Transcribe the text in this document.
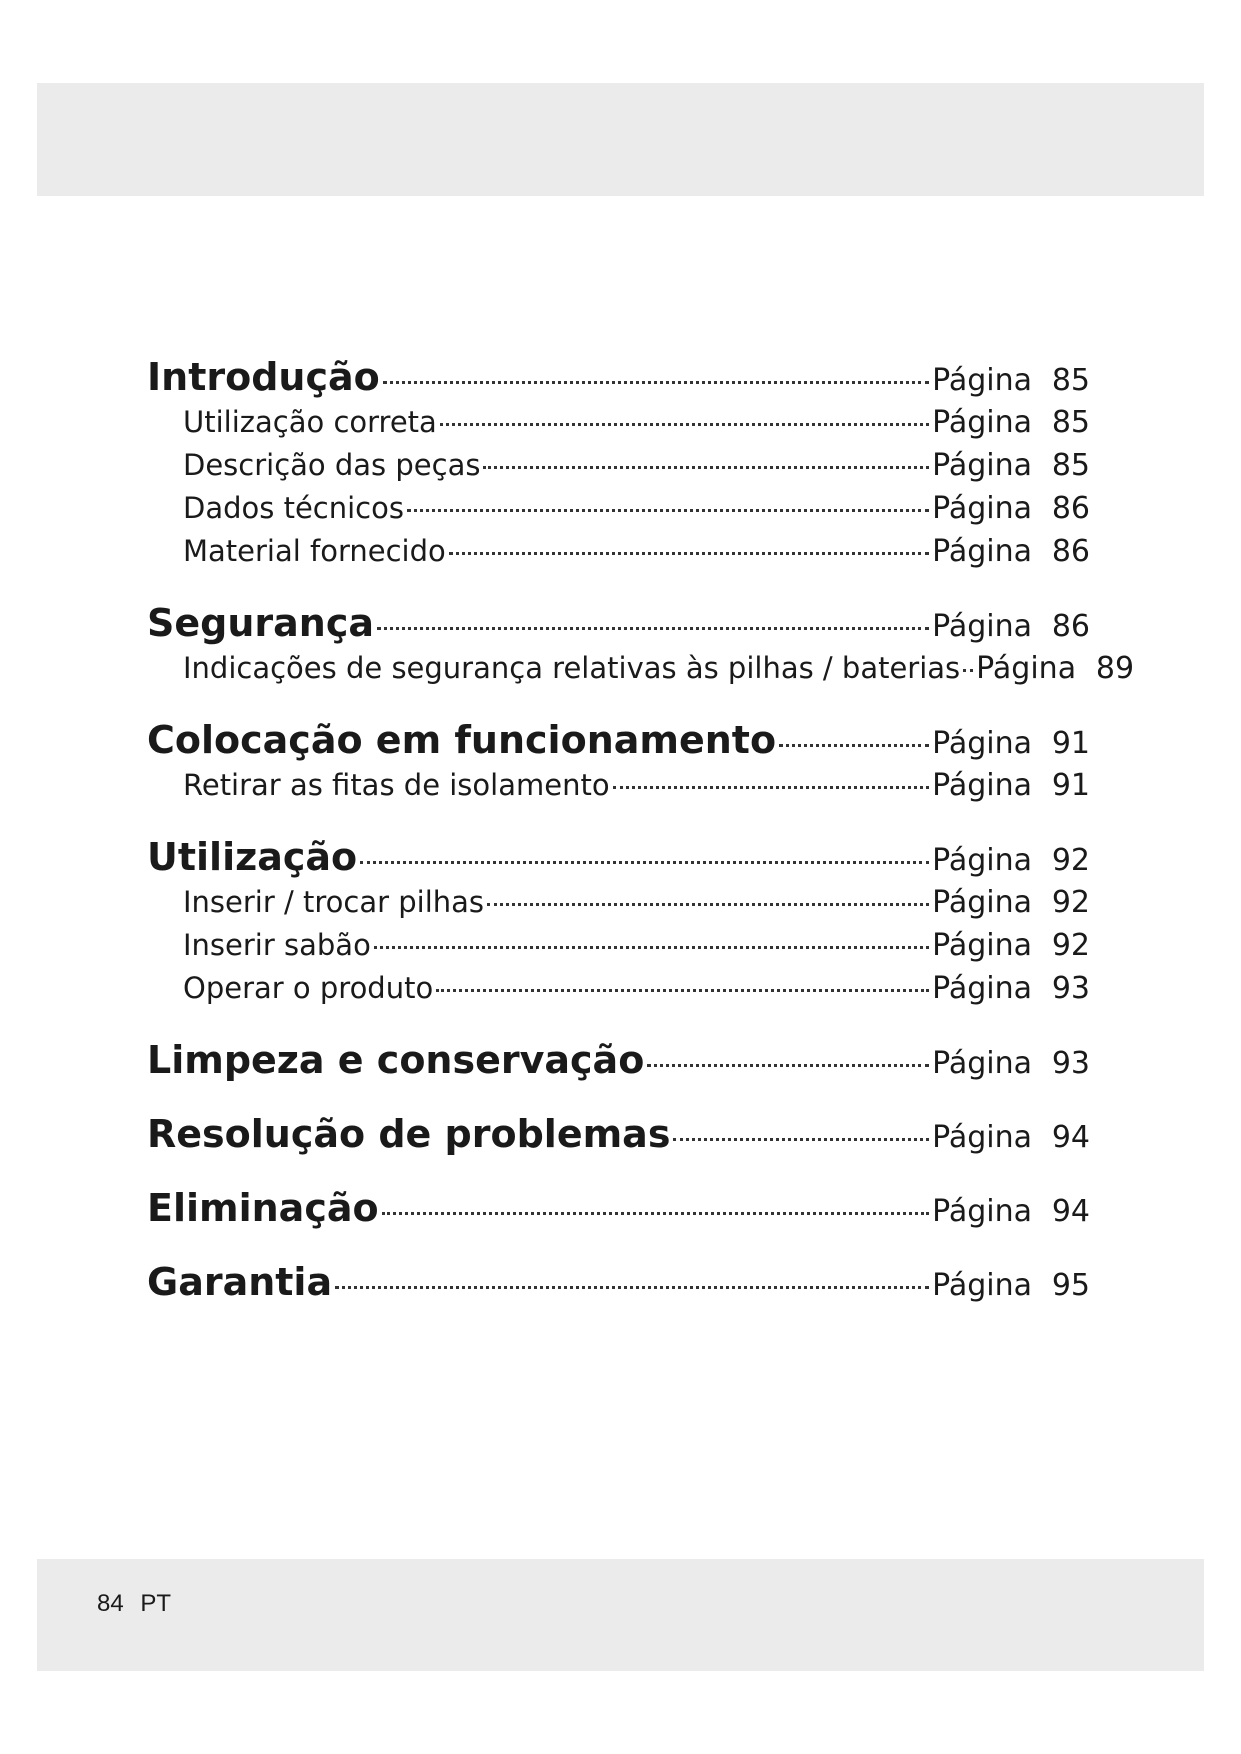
Introdução	Página 85
Utilização correta	Página 85
Descrição das peças	Página 85
Dados técnicos	Página 86
Material fornecido	Página 86
Segurança	Página 86
Indicações de segurança relativas às pilhas / baterias Página 89
Colocação em funcionamento	Página 91
Retirar as fitas de isolamento	Página 91
Utilização	Página 92
Inserir / trocar pilhas	Página 92
Inserir sabão	Página 92
Operar o produto	Página 93
Limpeza e conservação	Página 93
Resolução de problemas	Página 94
Eliminação	Página 94
Garantia	Página 95
84 PT
